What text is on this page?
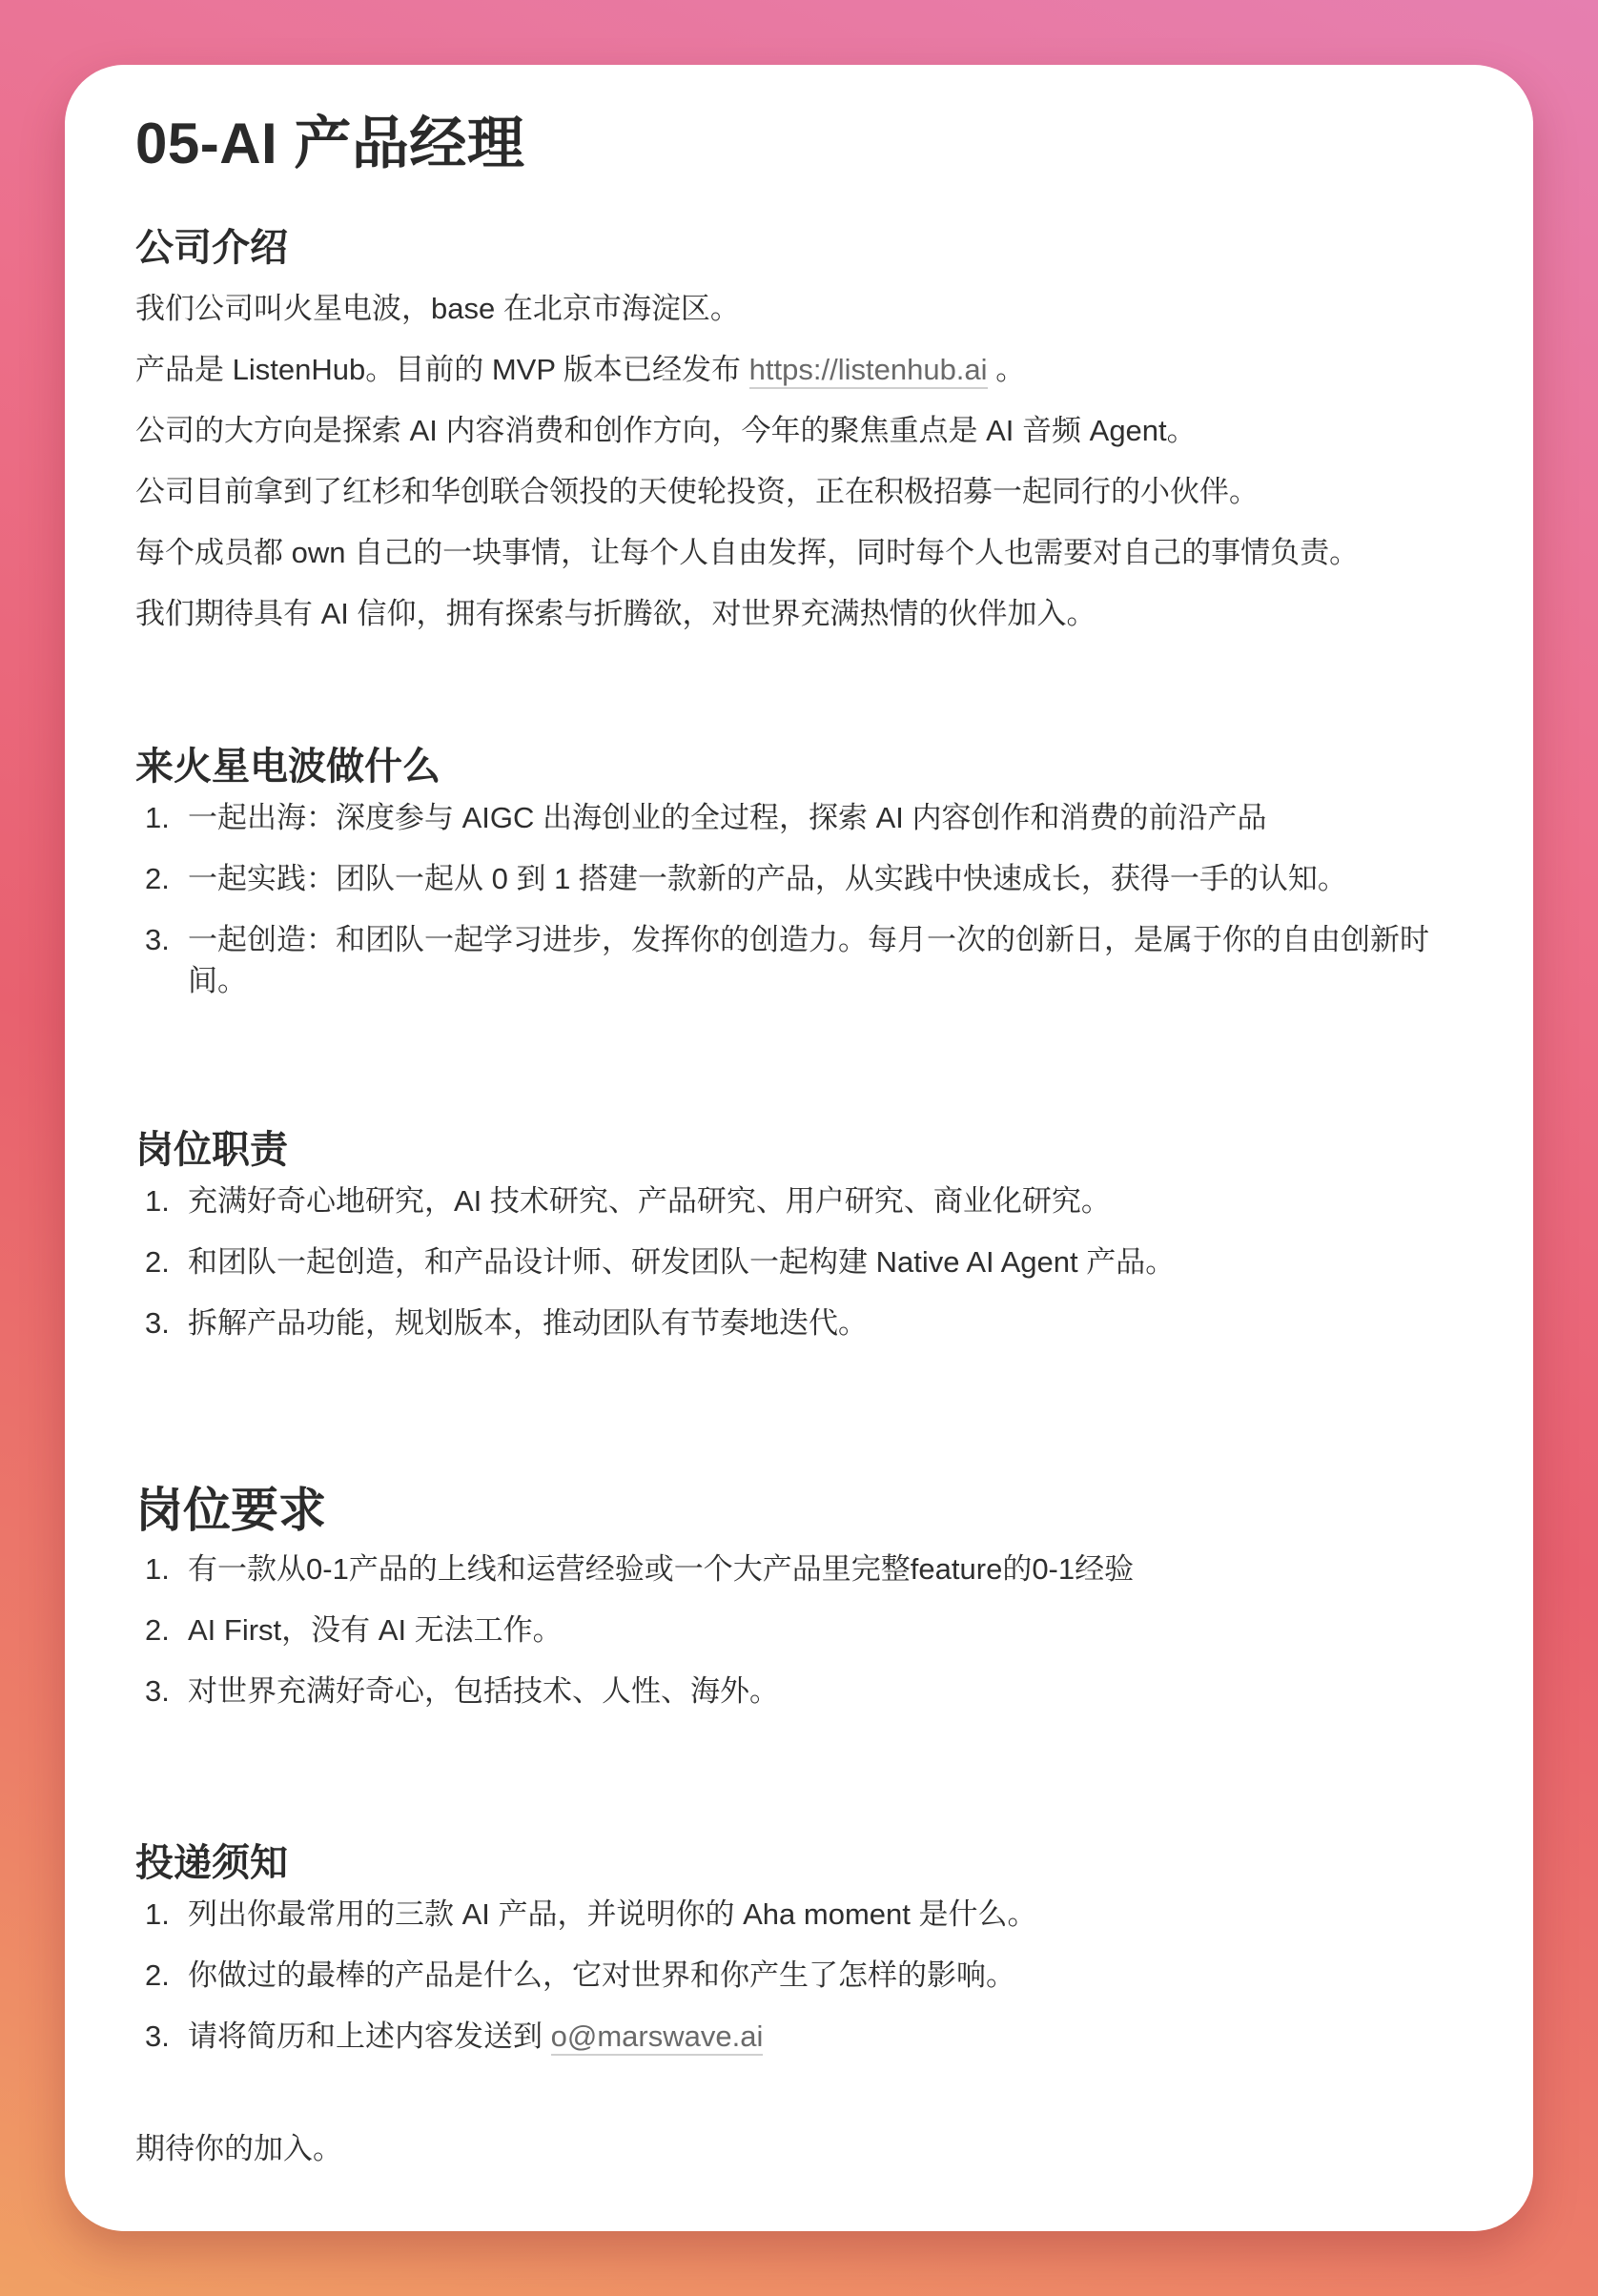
05-AI 产品经理
公司介绍

我们公司叫火星电波，base 在北京市海淀区。

产品是 ListenHub。目前的 MVP 版本已经发布 https://listenhub.ai 。

公司的大方向是探索 AI 内容消费和创作方向，今年的聚焦重点是 AI 音频 Agent。

公司目前拿到了红杉和华创联合领投的天使轮投资，正在积极招募一起同行的小伙伴。

每个成员都 own 自己的一块事情，让每个人自由发挥，同时每个人也需要对自己的事情负责。

我们期待具有 AI 信仰，拥有探索与折腾欲，对世界充满热情的伙伴加入。

来火星电波做什么
1. 一起出海：深度参与 AIGC 出海创业的全过程，探索 AI 内容创作和消费的前沿产品
2. 一起实践：团队一起从 0 到 1 搭建一款新的产品，从实践中快速成长，获得一手的认知。
3. 一起创造：和团队一起学习进步，发挥你的创造力。每月一次的创新日，是属于你的自由创新时间。
岗位职责
1. 充满好奇心地研究，AI 技术研究、产品研究、用户研究、商业化研究。
2. 和团队一起创造，和产品设计师、研发团队一起构建 Native AI Agent 产品。
3. 拆解产品功能，规划版本，推动团队有节奏地迭代。
岗位要求
1. 有一款从0-1产品的上线和运营经验或一个大产品里完整feature的0-1经验
2. AI First，没有 AI 无法工作。
3. 对世界充满好奇心，包括技术、人性、海外。
投递须知
1. 列出你最常用的三款 AI 产品，并说明你的 Aha moment 是什么。
2. 你做过的最棒的产品是什么，它对世界和你产生了怎样的影响。
3. 请将简历和上述内容发送到 o@marswave.ai

期待你的加入。
